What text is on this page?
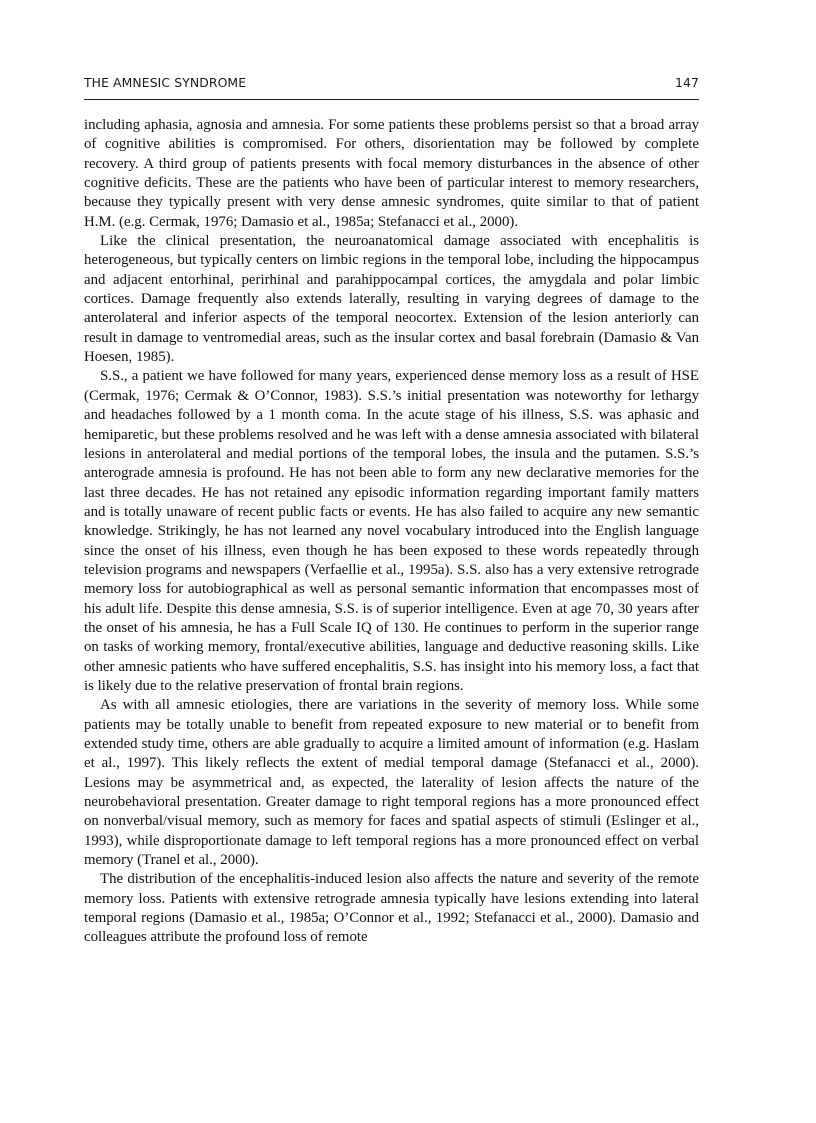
THE AMNESIC SYNDROME	147

including aphasia, agnosia and amnesia. For some patients these problems persist so that a broad array of cognitive abilities is compromised. For others, disorientation may be followed by complete recovery. A third group of patients presents with focal memory disturbances in the absence of other cognitive deficits. These are the patients who have been of particular interest to memory researchers, because they typically present with very dense amnesic syndromes, quite similar to that of patient H.M. (e.g. Cermak, 1976; Damasio et al., 1985a; Stefanacci et al., 2000).

Like the clinical presentation, the neuroanatomical damage associated with encephalitis is heterogeneous, but typically centers on limbic regions in the temporal lobe, including the hippocampus and adjacent entorhinal, perirhinal and parahippocampal cortices, the amygdala and polar limbic cortices. Damage frequently also extends laterally, resulting in varying degrees of damage to the anterolateral and inferior aspects of the temporal neocortex. Extension of the lesion anteriorly can result in damage to ventromedial areas, such as the insular cortex and basal forebrain (Damasio & Van Hoesen, 1985).

S.S., a patient we have followed for many years, experienced dense memory loss as a result of HSE (Cermak, 1976; Cermak & O’Connor, 1983). S.S.’s initial presentation was noteworthy for lethargy and headaches followed by a 1 month coma. In the acute stage of his illness, S.S. was aphasic and hemiparetic, but these problems resolved and he was left with a dense amnesia associated with bilateral lesions in anterolateral and medial portions of the temporal lobes, the insula and the putamen. S.S.’s anterograde amnesia is profound. He has not been able to form any new declarative memories for the last three decades. He has not retained any episodic information regarding important family matters and is totally unaware of recent public facts or events. He has also failed to acquire any new semantic knowledge. Strikingly, he has not learned any novel vocabulary introduced into the English language since the onset of his illness, even though he has been exposed to these words repeatedly through television programs and newspapers (Verfaellie et al., 1995a). S.S. also has a very extensive retrograde memory loss for autobiographical as well as personal semantic information that encompasses most of his adult life. Despite this dense amnesia, S.S. is of superior intelligence. Even at age 70, 30 years after the onset of his amnesia, he has a Full Scale IQ of 130. He continues to perform in the superior range on tasks of working memory, frontal/executive abilities, language and deductive reasoning skills. Like other amnesic patients who have suffered encephalitis, S.S. has insight into his memory loss, a fact that is likely due to the relative preservation of frontal brain regions.

As with all amnesic etiologies, there are variations in the severity of memory loss. While some patients may be totally unable to benefit from repeated exposure to new material or to benefit from extended study time, others are able gradually to acquire a limited amount of information (e.g. Haslam et al., 1997). This likely reflects the extent of medial temporal damage (Stefanacci et al., 2000). Lesions may be asymmetrical and, as expected, the laterality of lesion affects the nature of the neurobehavioral presentation. Greater damage to right temporal regions has a more pronounced effect on nonverbal/visual memory, such as memory for faces and spatial aspects of stimuli (Eslinger et al., 1993), while disproportionate damage to left temporal regions has a more pronounced effect on verbal memory (Tranel et al., 2000).

The distribution of the encephalitis-induced lesion also affects the nature and severity of the remote memory loss. Patients with extensive retrograde amnesia typically have lesions extending into lateral temporal regions (Damasio et al., 1985a; O’Connor et al., 1992; Stefanacci et al., 2000). Damasio and colleagues attribute the profound loss of remote
